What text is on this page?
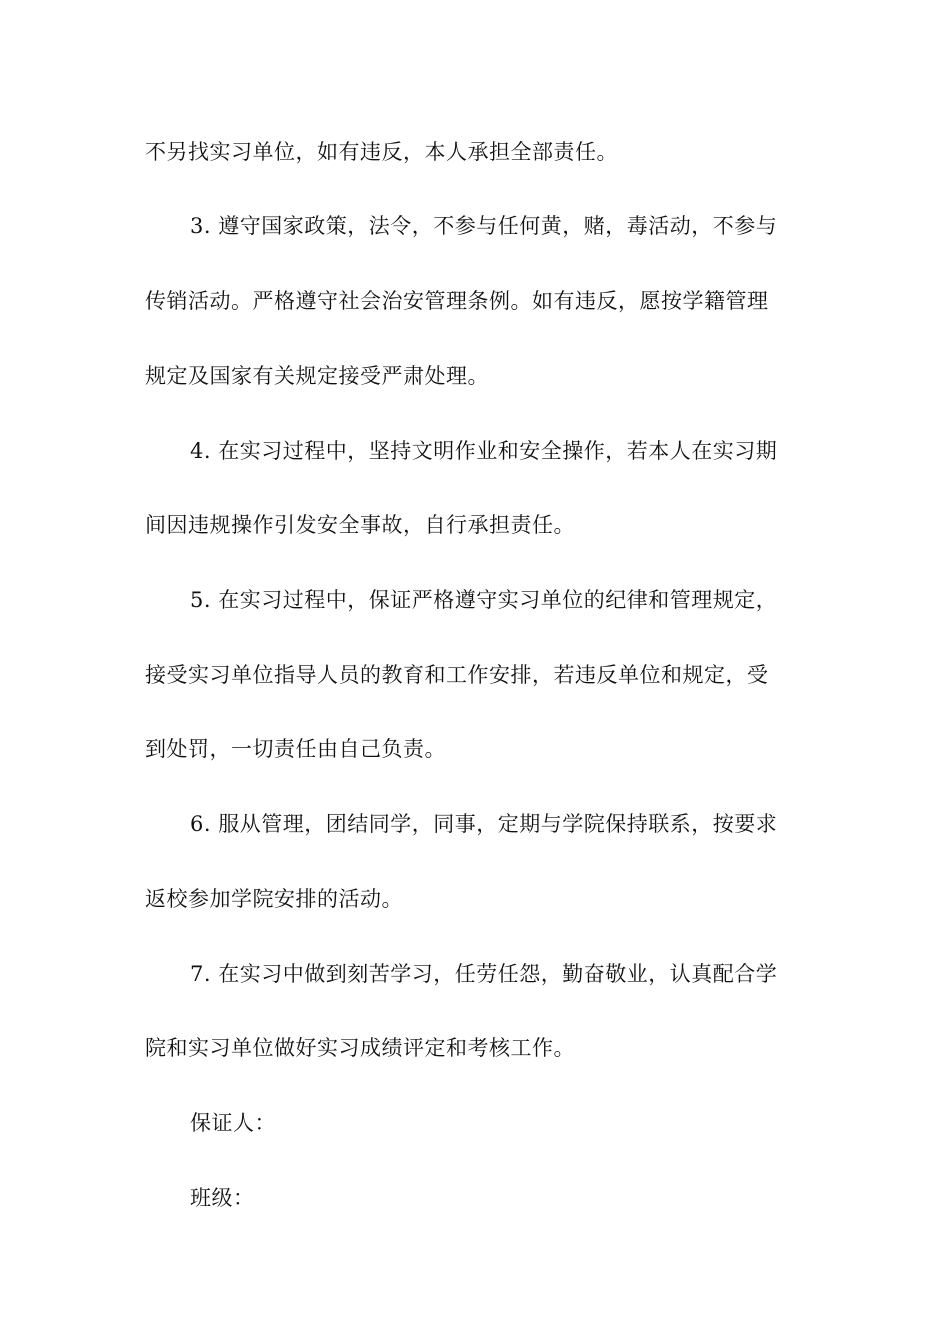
不另找实习单位，如有违反，本人承担全部责任。
3. 遵守国家政策，法令，不参与任何黄，赌，毒活动，不参与
传销活动。严格遵守社会治安管理条例。如有违反，愿按学籍管理
规定及国家有关规定接受严肃处理。
4. 在实习过程中，坚持文明作业和安全操作，若本人在实习期
间因违规操作引发安全事故，自行承担责任。
5. 在实习过程中，保证严格遵守实习单位的纪律和管理规定，
接受实习单位指导人员的教育和工作安排，若违反单位和规定，受
到处罚，一切责任由自己负责。
6. 服从管理，团结同学，同事，定期与学院保持联系，按要求
返校参加学院安排的活动。
7. 在实习中做到刻苦学习，任劳任怨，勤奋敬业，认真配合学
院和实习单位做好实习成绩评定和考核工作。
保证人：
班级：
